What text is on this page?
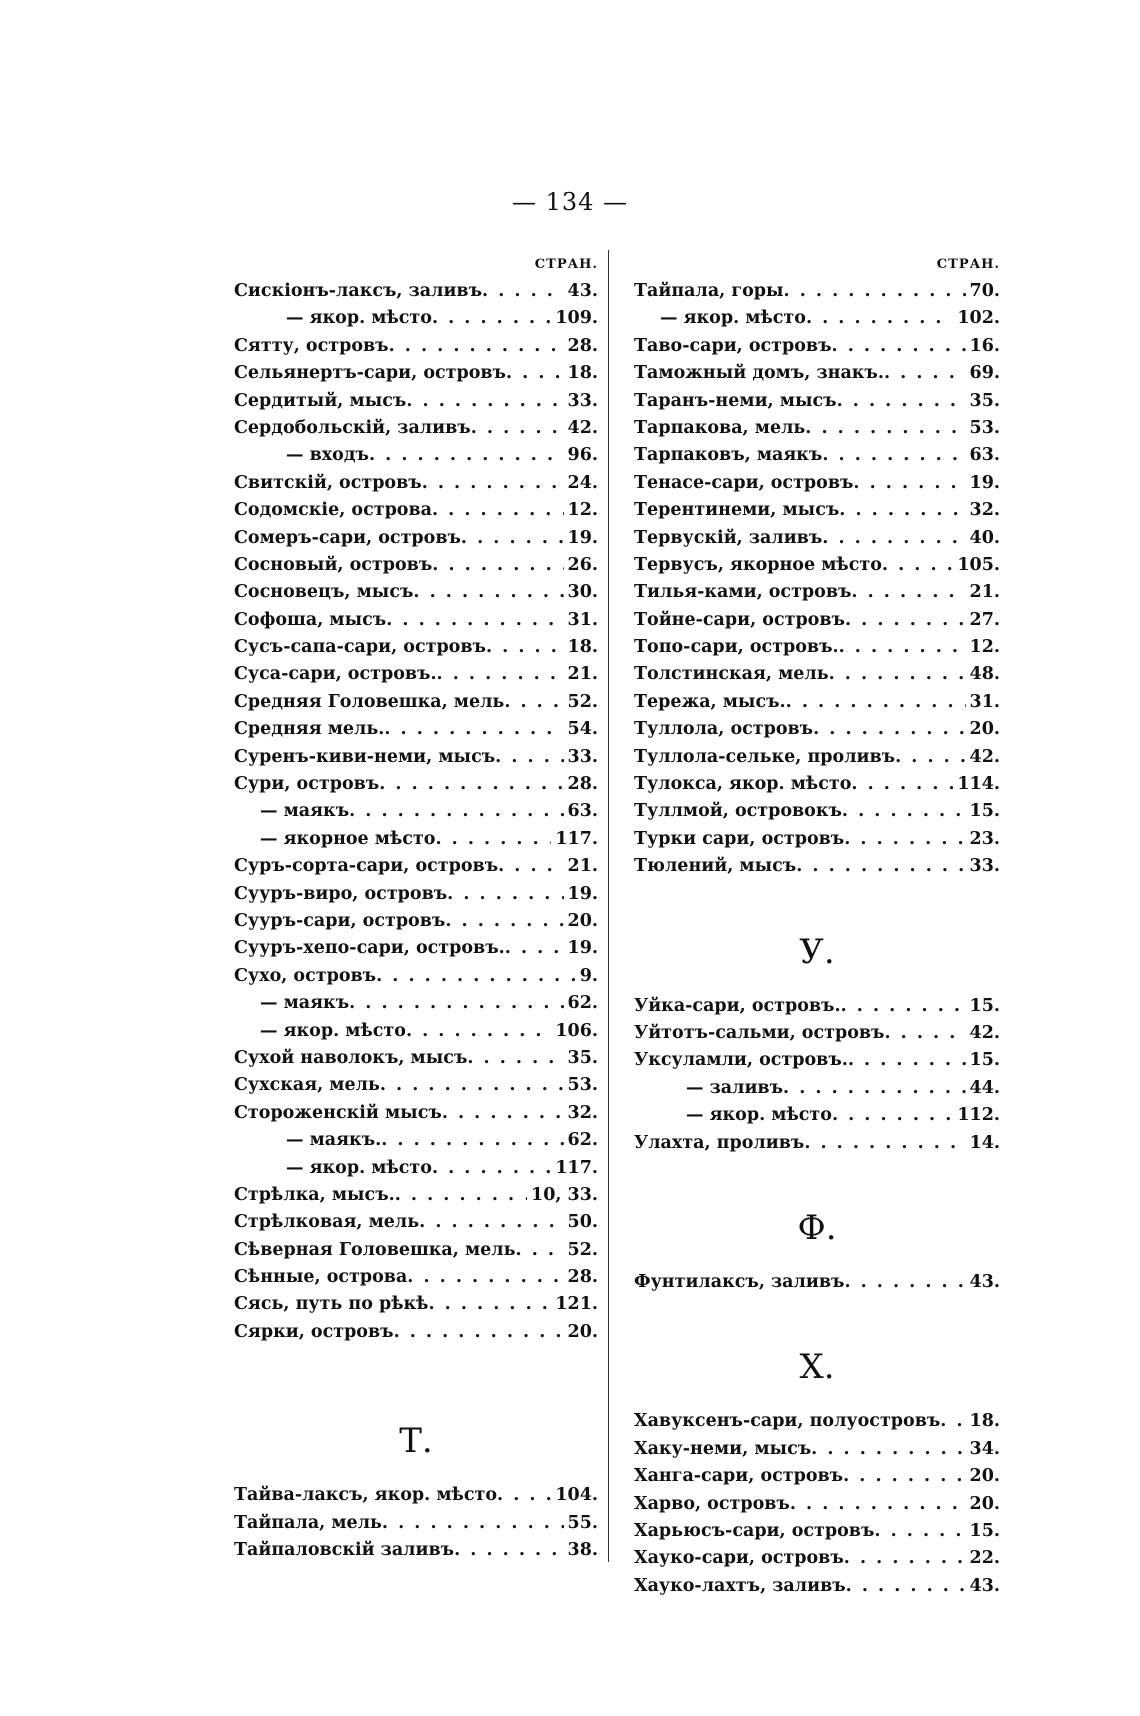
— 134 —
СТРАН.
Сискіонъ-лаксъ, заливъ . . .	43.
— якор. мѣсто . . .	109.
Сятту, островъ . . .	28.
Сельянертъ-сари, островъ . . .	18.
Сердитый, мысъ . . .	33.
Сердобольскій, заливъ . . .	42.
— входъ . . .	96.
Свитскій, островъ . . .	24.
Содомскіе, острова . . .	12.
Сомеръ-сари, островъ . . .	19.
Сосновый, островъ . . .	26.
Сосновецъ, мысъ . . .	30.
Софоша, мысъ . . .	31.
Сусъ-сапа-сари, островъ . . .	18.
Суса-сари, островъ. . . .	21.
Средняя Головешка, мель . . .	52.
Средняя мель. . . .	54.
Суренъ-киви-неми, мысъ . . .	33.
Сури, островъ . . .	28.
— маякъ . . .	63.
— якорное мѣсто . . .	117.
Суръ-сорта-сари, островъ . . .	21.
Сууръ-виро, островъ . . .	19.
Сууръ-сари, островъ . . .	20.
Сууръ-хепо-сари, островъ. . . .	19.
Сухо, островъ . . .	9.
— маякъ . . .	62.
— якор. мѣсто . . .	106.
Сухой наволокъ, мысъ . . .	35.
Сухская, мель . . .	53.
Стороженскій мысъ . . .	32.
— маякъ. . . .	62.
— якор. мѣсто . . .	117.
Стрѣлка, мысъ. . . .	10, 33.
Стрѣлковая, мель . . .	50.
Сѣверная Головешка, мель . . .	52.
Сѣнные, острова . . .	28.
Сясь, путь по рѣкѣ . . .	121.
Сярки, островъ . . .	20.
Т.
Тайва-лаксъ, якор. мѣсто . . .	104.
Тайпала, мель . . .	55.
Тайпаловскій заливъ . . .	38.
СТРАН.
Тайпала, горы . . .	70.
— якор. мѣсто . . .	102.
Таво-сари, островъ . . .	16.
Таможный домъ, знакъ. . . .	69.
Таранъ-неми, мысъ . . .	35.
Тарпакова, мель . . .	53.
Тарпаковъ, маякъ . . .	63.
Тенасе-сари, островъ . . .	19.
Терентинеми, мысъ . . .	32.
Тервускій, заливъ . . .	40.
Тервусъ, якорное мѣсто . . .	105.
Тилья-ками, островъ . . .	21.
Тойне-сари, островъ . . .	27.
Топо-сари, островъ. . . .	12.
Толстинская, мель . . .	48.
Тережа, мысъ. . . .	31.
Туллола, островъ . . .	20.
Туллола-сельке, проливъ . . .	42.
Тулокса, якор. мѣсто . . .	114.
Туллмой, островокъ . . .	15.
Турки сари, островъ . . .	23.
Тюлений, мысъ . . .	33.
У.
Уйка-сари, островъ. . . .	15.
Уйтотъ-сальми, островъ . . .	42.
Уксуламли, островъ. . . .	15.
— заливъ . . .	44.
— якор. мѣсто . . .	112.
Улахта, проливъ . . .	14.
Ф.
Фунтилаксъ, заливъ . . .	43.
Х.
Хавуксенъ-сари, полуостровъ . . . 18.
Хаку-неми, мысъ . . .	34.
Ханга-сари, островъ . . .	20.
Харво, островъ . . .	20.
Харьюсъ-сари, островъ . . .	15.
Хауко-сари, островъ . . .	22.
Хауко-лахтъ, заливъ . . .	43.
